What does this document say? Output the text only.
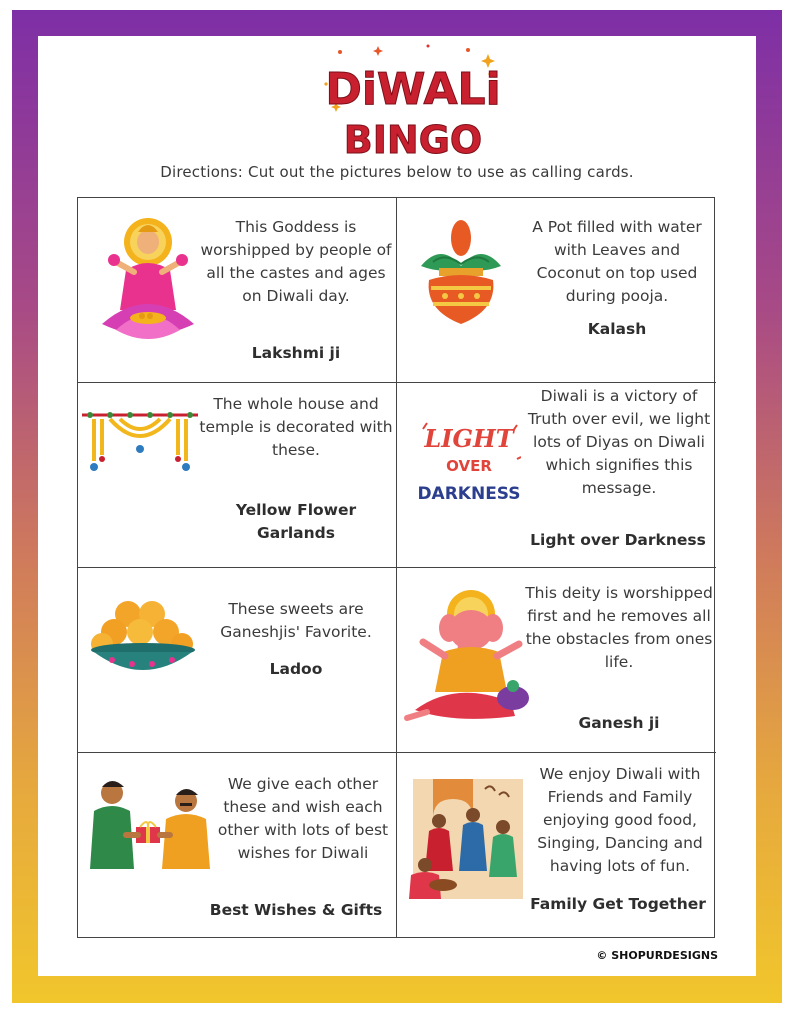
DiWALi
BINGO
Directions: Cut out the pictures below to use as calling cards.
This Goddess is worshipped by people of all the castes and ages on Diwali day.
Lakshmi ji
A Pot filled with water with Leaves and Coconut on top used during pooja.
Kalash
The whole house and temple is decorated with these.
Yellow Flower Garlands
LIGHT
OVER
DARKNESS
Diwali is a victory of Truth over evil, we light lots of Diyas on Diwali which signifies this message.
Light over Darkness
These sweets are Ganeshjis' Favorite.
Ladoo
This deity is worshipped first and he removes all the obstacles from ones life.
Ganesh ji
We give each other these and wish each other with lots of best wishes for Diwali
Best Wishes & Gifts
We enjoy Diwali with Friends and Family enjoying good food, Singing, Dancing and having lots of fun.
Family Get Together
© SHOPURDESIGNS
